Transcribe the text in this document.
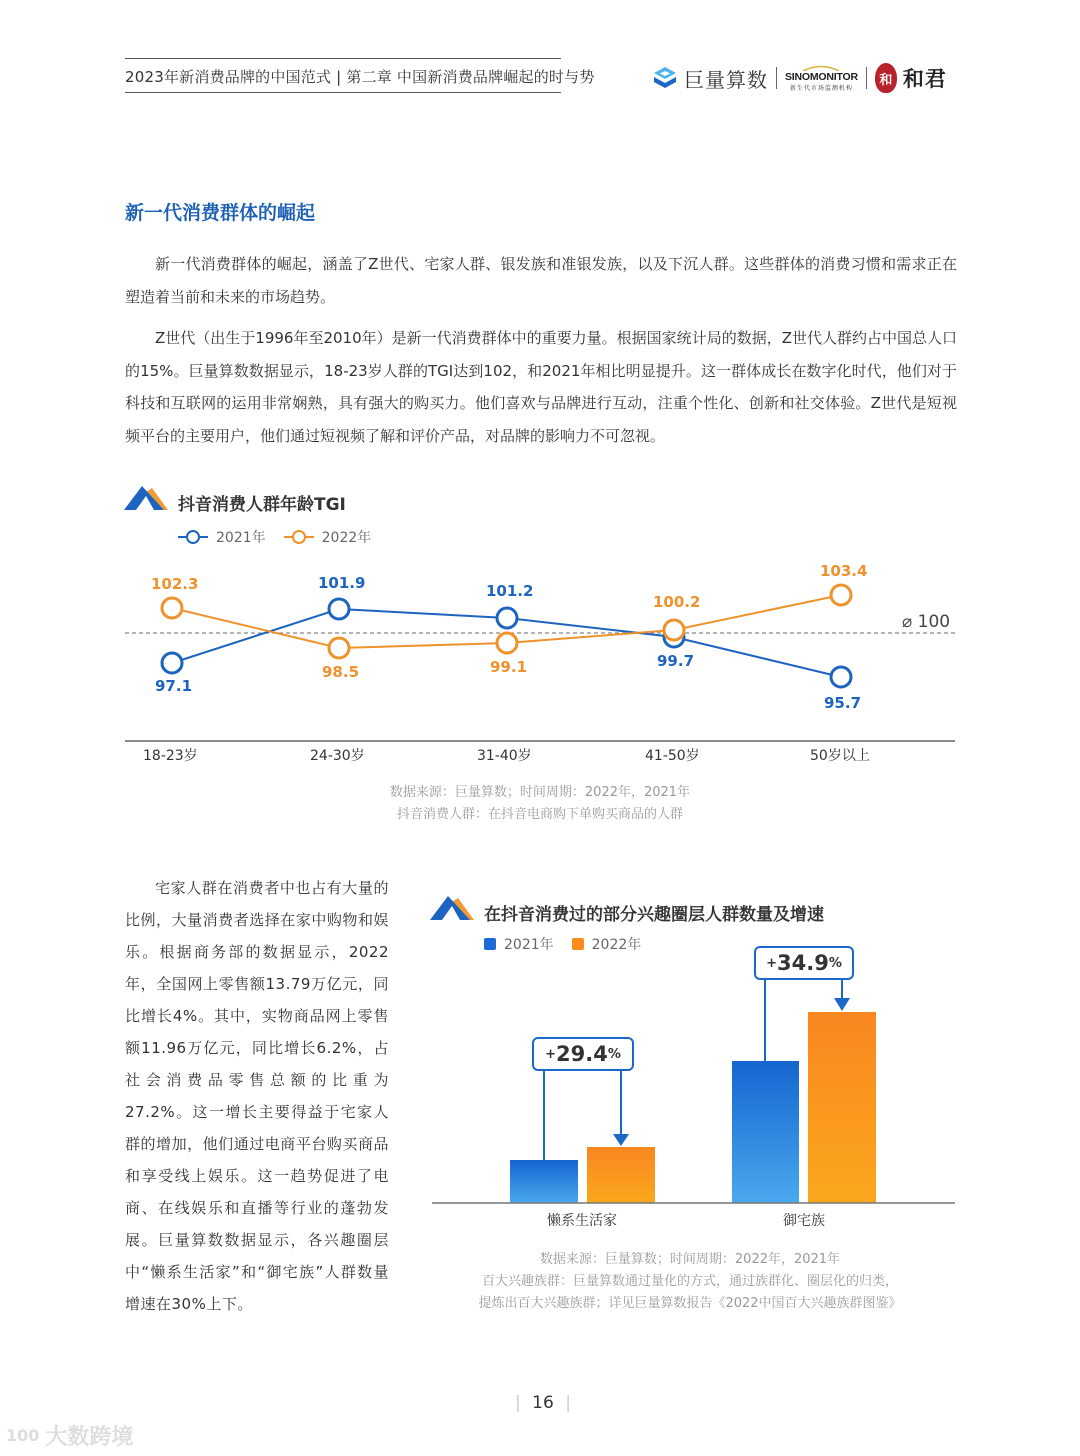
2023年新消费品牌的中国范式 | 第二章 中国新消费品牌崛起的时与势	巨量算数 SINOMONITOR
新生代市场监测机构
和 和君
新一代消费群体的崛起

新一代消费群体的崛起，涵盖了Z世代、宅家人群、银发族和准银发族，以及下沉人群。这些群体的消费习惯和需求正在塑造着当前和未来的市场趋势。

Z世代（出生于1996年至2010年）是新一代消费群体中的重要力量。根据国家统计局的数据，Z世代人群约占中国总人口的15%。巨量算数数据显示，18-23岁人群的TGI达到102，和2021年相比明显提升。这一群体成长在数字化时代，他们对于科技和互联网的运用非常娴熟，具有强大的购买力。他们喜欢与品牌进行互动，注重个性化、创新和社交体验。Z世代是短视频平台的主要用户，他们通过短视频了解和评价产品，对品牌的影响力不可忽视。

抖音消费人群年龄TGI
2021年	2022年
97.1
101.9	101.2
99.7
95.7
102.3
98.5	99.1
100.2
103.4
⌀ 100
18-23岁	24-30岁	31-40岁	41-50岁	50岁以上
数据来源：巨量算数；时间周期：2022年，2021年
抖音消费人群：在抖音电商购下单购买商品的人群

宅家人群在消费者中也占有大量的比例，大量消费者选择在家中购物和娱乐。根据商务部的数据显示，2022年，全国网上零售额13.79万亿元，同比增长4%。其中，实物商品网上零售额11.96万亿元，同比增长6.2%，占社会消费品零售总额的比重为27.2%。这一增长主要得益于宅家人群的增加，他们通过电商平台购买商品和享受线上娱乐。这一趋势促进了电商、在线娱乐和直播等行业的蓬勃发展。巨量算数数据显示，各兴趣圈层中“懒系生活家”和“御宅族”人群数量增速在30%上下。

在抖音消费过的部分兴趣圈层人群数量及增速
2021年	2022年
+ 29.4 %
+ 34.9 %
懒系生活家	御宅族
数据来源：巨量算数；时间周期：2022年，2021年
百大兴趣族群：巨量算数通过量化的方式，通过族群化、圈层化的归类，
提炼出百大兴趣族群；详见巨量算数报告《2022中国百大兴趣族群图鉴》
| 16 |
100 大数跨境
